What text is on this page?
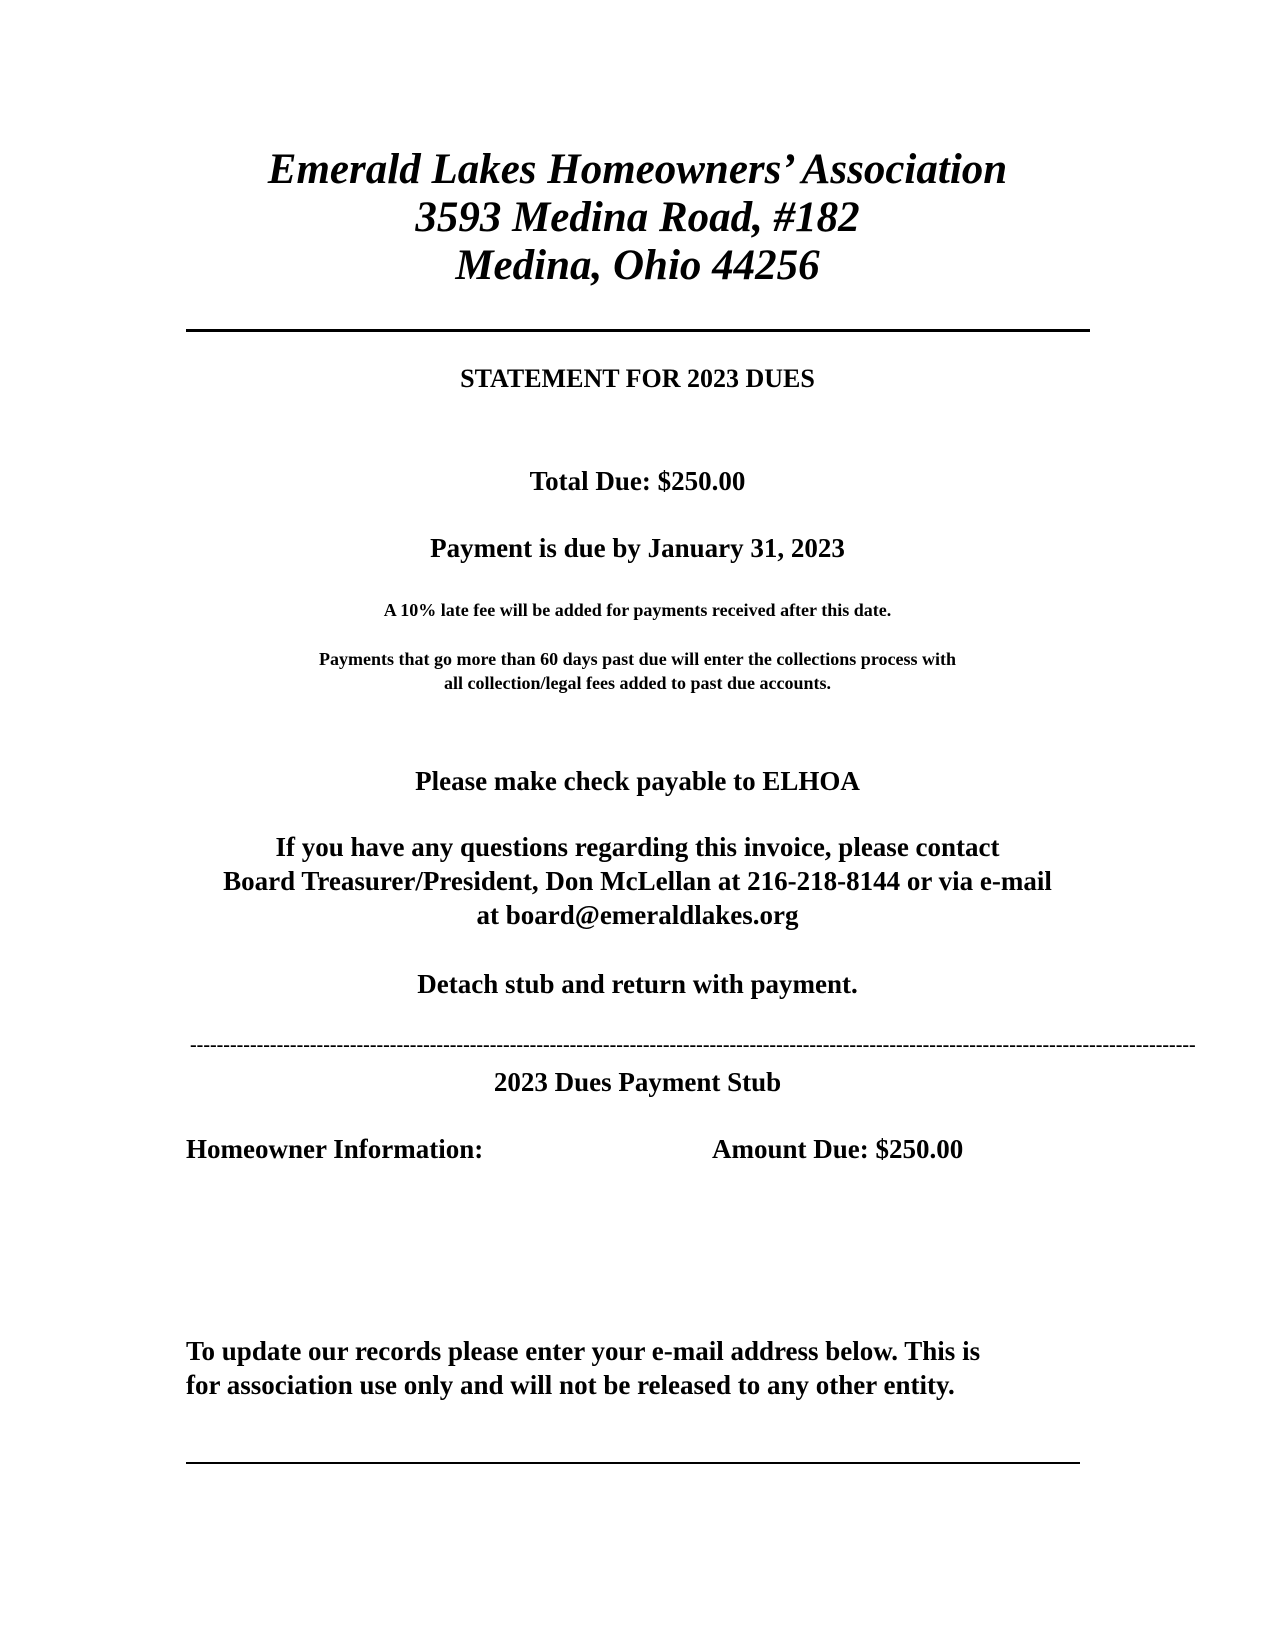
Emerald Lakes Homeowners’ Association
3593 Medina Road, #182
Medina, Ohio 44256
STATEMENT FOR 2023 DUES
Total Due: $250.00
Payment is due by January 31, 2023
A 10% late fee will be added for payments received after this date.
Payments that go more than 60 days past due will enter the collections process with
all collection/legal fees added to past due accounts.
Please make check payable to ELHOA
If you have any questions regarding this invoice, please contact
Board Treasurer/President, Don McLellan at 216-218-8144 or via e-mail
at board@emeraldlakes.org
Detach stub and return with payment.
-------------------------------------------------------------------------------------------------------------------------------------------------------
2023 Dues Payment Stub
Homeowner Information:	Amount Due: $250.00
To update our records please enter your e-mail address below. This is
for association use only and will not be released to any other entity.
